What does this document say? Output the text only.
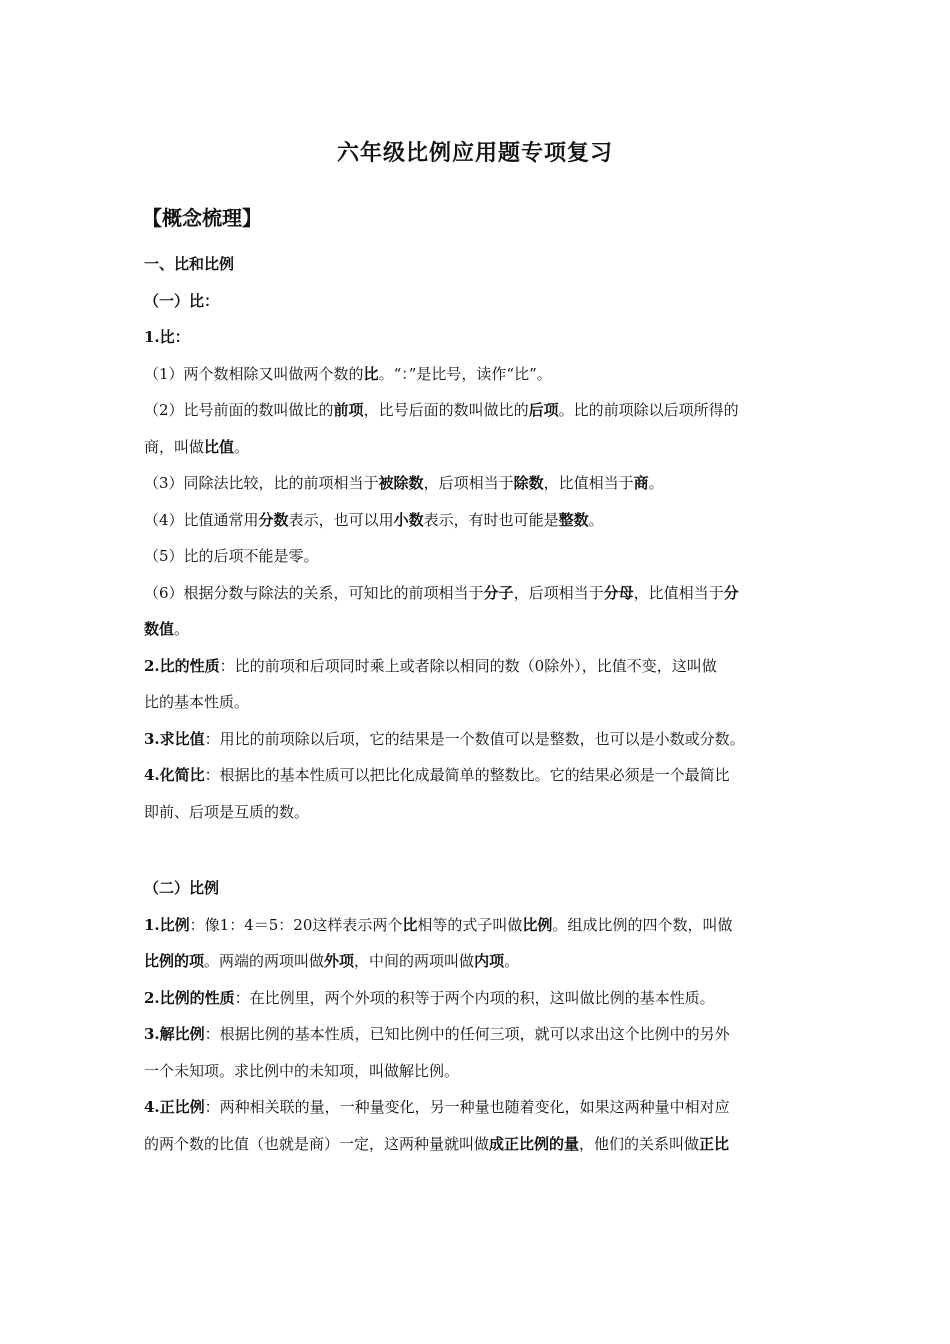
六年级比例应用题专项复习
【概念梳理】
一、比和比例
（一）比：
1.比：
（1）两个数相除又叫做两个数的比。“：”是比号，读作“比”。
（2）比号前面的数叫做比的前项，比号后面的数叫做比的后项。比的前项除以后项所得的
商，叫做比值。
（3）同除法比较，比的前项相当于被除数，后项相当于除数，比值相当于商。
（4）比值通常用分数表示，也可以用小数表示，有时也可能是整数。
（5）比的后项不能是零。
（6）根据分数与除法的关系，可知比的前项相当于分子，后项相当于分母，比值相当于分
数值。
2.比的性质：比的前项和后项同时乘上或者除以相同的数（0除外），比值不变，这叫做
比的基本性质。
3.求比值：用比的前项除以后项，它的结果是一个数值可以是整数，也可以是小数或分数。
4.化简比：根据比的基本性质可以把比化成最简单的整数比。它的结果必须是一个最简比
即前、后项是互质的数。
（二）比例
1.比例：像1：4＝5：20这样表示两个比相等的式子叫做比例。组成比例的四个数，叫做
比例的项。两端的两项叫做外项，中间的两项叫做内项。
2.比例的性质：在比例里，两个外项的积等于两个内项的积，这叫做比例的基本性质。
3.解比例：根据比例的基本性质，已知比例中的任何三项，就可以求出这个比例中的另外
一个未知项。求比例中的未知项，叫做解比例。
4.正比例：两种相关联的量，一种量变化，另一种量也随着变化，如果这两种量中相对应
的两个数的比值（也就是商）一定，这两种量就叫做成正比例的量，他们的关系叫做正比
